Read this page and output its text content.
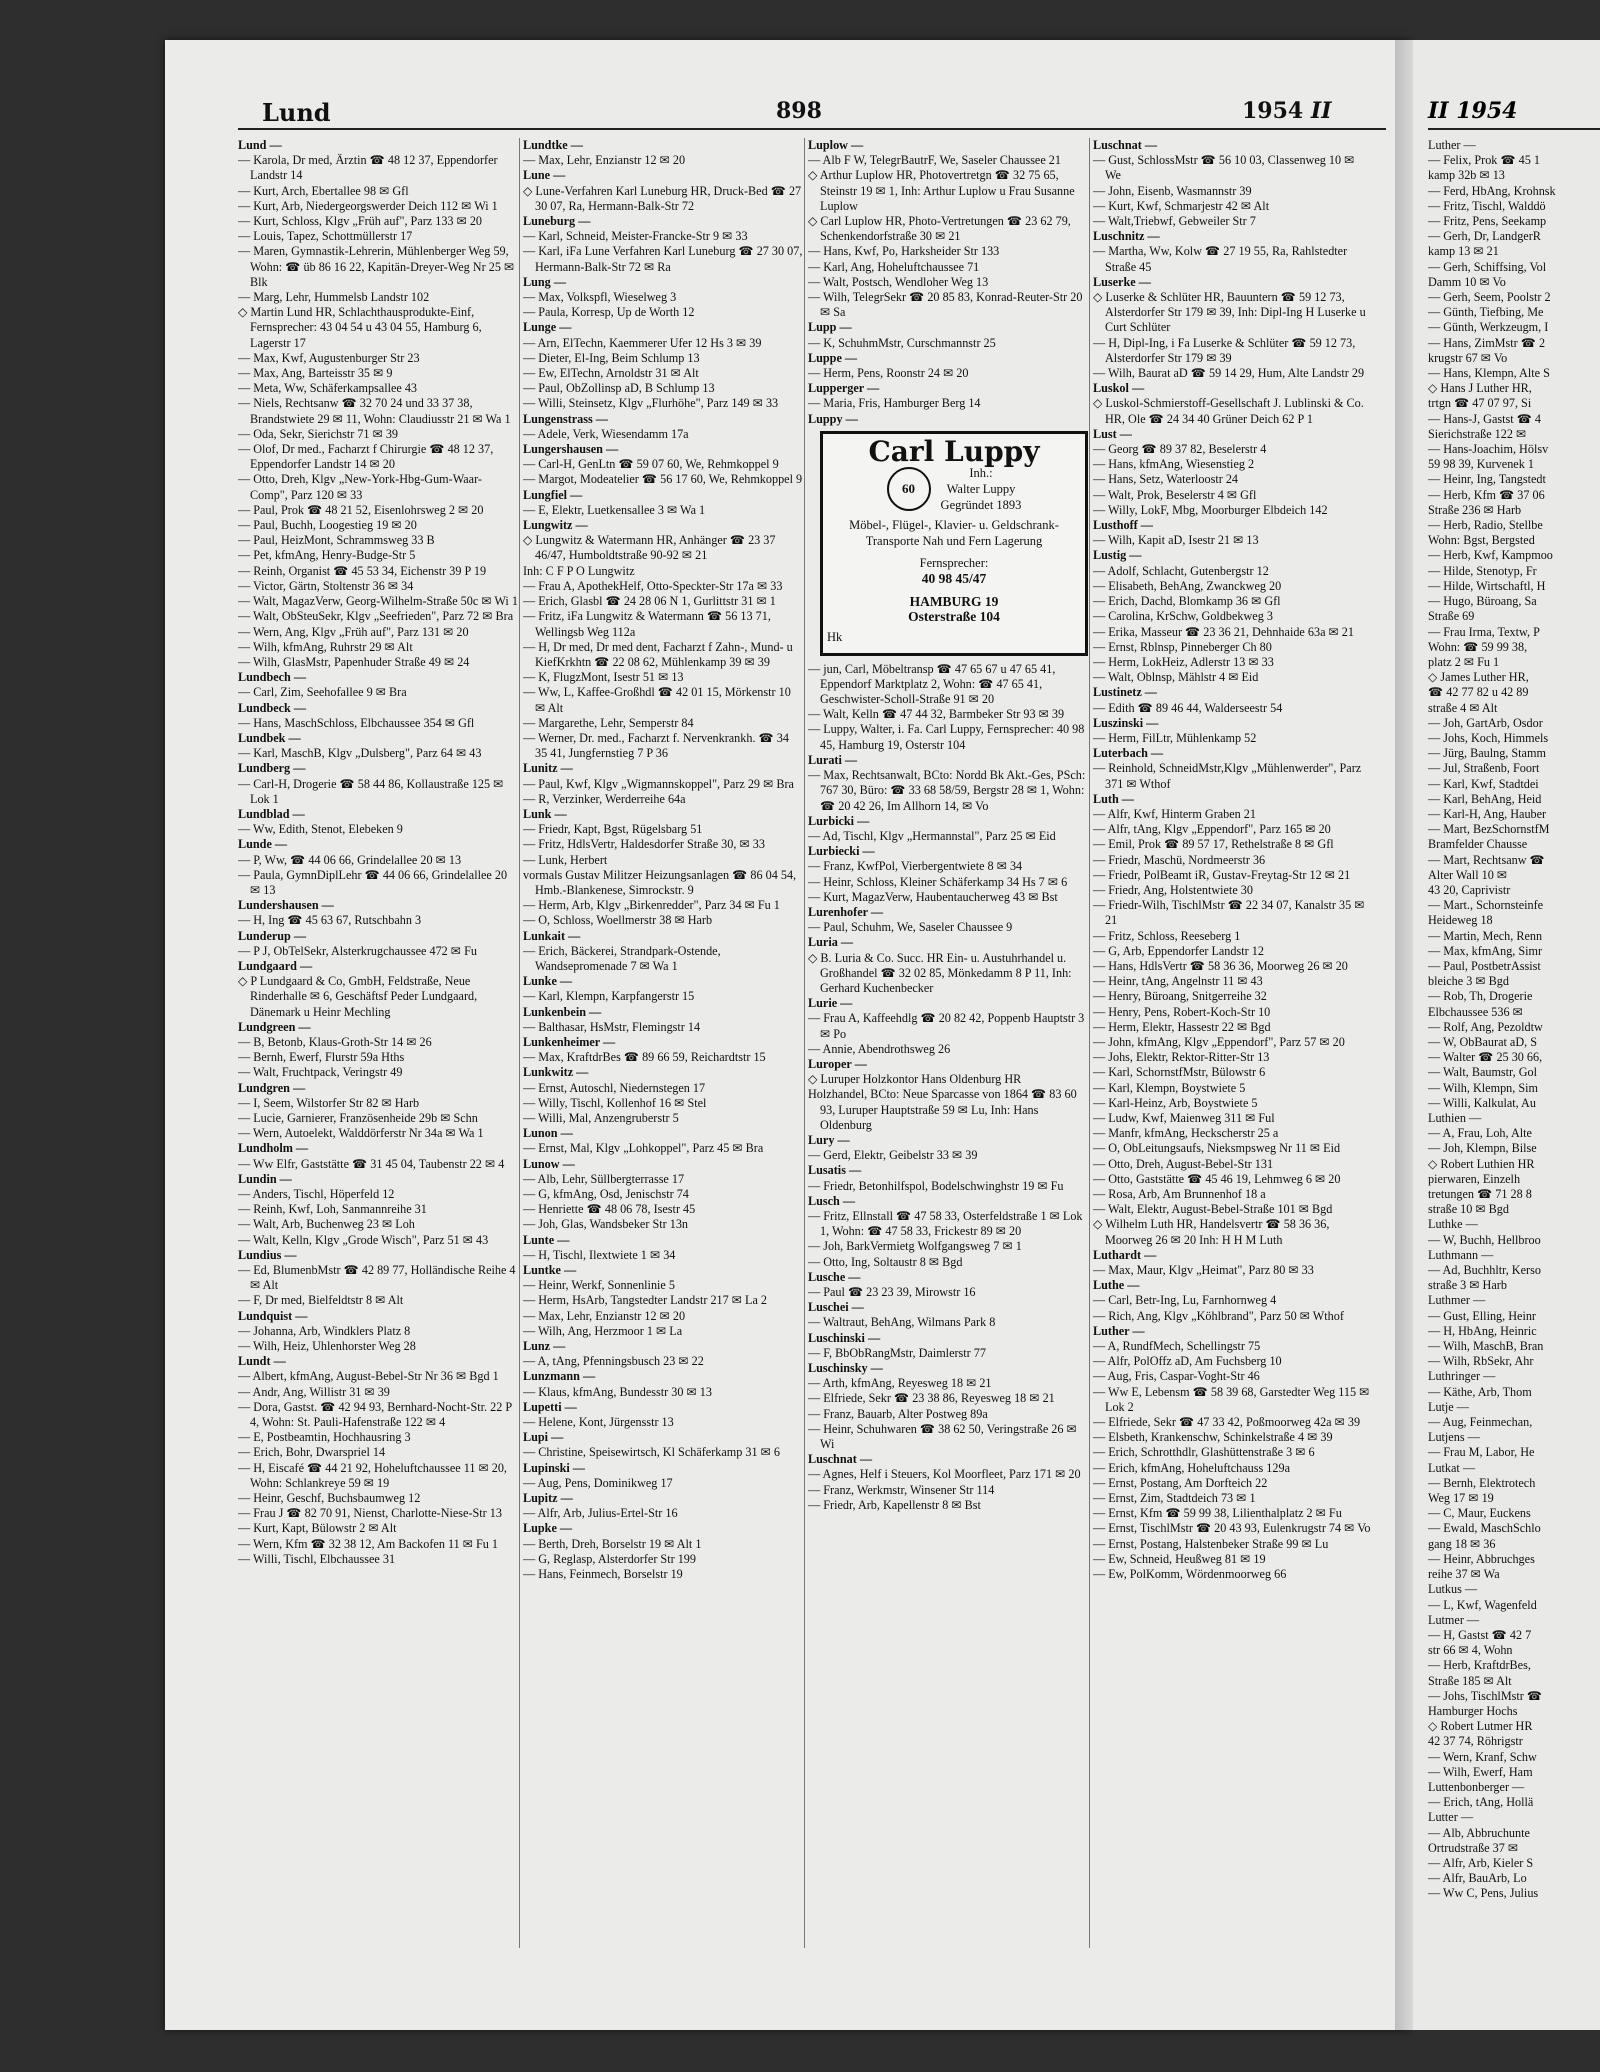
II 1954
Luther —
— Felix, Prok ☎ 45 1
kamp 32b ✉ 13
— Ferd, HbAng, Krohnsk
— Fritz, Tischl, Walddö
— Fritz, Pens, Seekamp
— Gerh, Dr, LandgerR
kamp 13 ✉ 21
— Gerh, Schiffsing, Vol
Damm 10 ✉ Vo
— Gerh, Seem, Poolstr 2
— Günth, Tiefbing, Me
— Günth, Werkzeugm, I
— Hans, ZimMstr ☎ 2
krugstr 67 ✉ Vo
— Hans, Klempn, Alte S
◇ Hans J Luther HR,
trtgn ☎ 47 07 97, Si
— Hans-J, Gastst ☎ 4
Sierichstraße 122 ✉
— Hans-Joachim, Hölsv
59 98 39, Kurvenek 1
— Heinr, Ing, Tangstedt
— Herb, Kfm ☎ 37 06
Straße 236 ✉ Harb
— Herb, Radio, Stellbe
Wohn: Bgst, Bergsted
— Herb, Kwf, Kampmoo
— Hilde, Stenotyp, Fr
— Hilde, Wirtschaftl, H
— Hugo, Büroang, Sa
Straße 69
— Frau Irma, Textw, P
Wohn: ☎ 59 99 38,
platz 2 ✉ Fu 1
◇ James Luther HR,
☎ 42 77 82 u 42 89
straße 4 ✉ Alt
— Joh, GartArb, Osdor
— Johs, Koch, Himmels
— Jürg, Baulng, Stamm
— Jul, Straßenb, Foort
— Karl, Kwf, Stadtdei
— Karl, BehAng, Heid
— Karl-H, Ang, Hauber
— Mart, BezSchornstfM
Bramfelder Chausse
— Mart, Rechtsanw ☎
Alter Wall 10 ✉
43 20, Caprivistr
— Mart., Schornsteinfe
Heideweg 18
— Martin, Mech, Renn
— Max, kfmAng, Simr
— Paul, PostbetrAssist
bleiche 3 ✉ Bgd
— Rob, Th, Drogerie
Elbchaussee 536 ✉
— Rolf, Ang, Pezoldtw
— W, ObBaurat aD, S
— Walter ☎ 25 30 66,
— Walt, Baumstr, Gol
— Wilh, Klempn, Sim
— Willi, Kalkulat, Au
Luthien —
— A, Frau, Loh, Alte
— Joh, Klempn, Bilse
◇ Robert Luthien HR
pierwaren, Einzelh
tretungen ☎ 71 28 8
straße 10 ✉ Bgd
Luthke —
— W, Buchh, Hellbroo
Luthmann —
— Ad, Buchhltr, Kerso
straße 3 ✉ Harb
Luthmer —
— Gust, Elling, Heinr
— H, HbAng, Heinric
— Wilh, MaschB, Bran
— Wilh, RbSekr, Ahr
Luthringer —
— Käthe, Arb, Thom
Lutje —
— Aug, Feinmechan,
Lutjens —
— Frau M, Labor, He
Lutkat —
— Bernh, Elektrotech
Weg 17 ✉ 19
— C, Maur, Euckens
— Ewald, MaschSchlo
gang 18 ✉ 36
— Heinr, Abbruchges
reihe 37 ✉ Wa
Lutkus —
— L, Kwf, Wagenfeld
Lutmer —
— H, Gastst ☎ 42 7
str 66 ✉ 4, Wohn
— Herb, KraftdrBes,
Straße 185 ✉ Alt
— Johs, TischlMstr ☎
Hamburger Hochs
◇ Robert Lutmer HR
42 37 74, Röhrigstr
— Wern, Kranf, Schw
— Wilh, Ewerf, Ham
Luttenbonberger —
— Erich, tAng, Hollä
Lutter —
— Alb, Abbruchunte
Ortrudstraße 37 ✉
— Alfr, Arb, Kieler S
— Alfr, BauArb, Lo
— Ww C, Pens, Julius
Lund	898	1954 II

Lund —

— Karola, Dr med, Ärztin ☎ 48 12 37, Eppendorfer Landstr 14

— Kurt, Arch, Ebertallee 98 ✉ Gfl

— Kurt, Arb, Niedergeorgswerder Deich 112 ✉ Wi 1

— Kurt, Schloss, Klgv „Früh auf", Parz 133 ✉ 20

— Louis, Tapez, Schottmüllerstr 17

— Maren, Gymnastik-Lehrerin, Mühlenberger Weg 59, Wohn: ☎ üb 86 16 22, Kapitän-Dreyer-Weg Nr 25 ✉ Blk

— Marg, Lehr, Hummelsb Landstr 102

◇ Martin Lund HR, Schlachthausprodukte-Einf, Fernsprecher: 43 04 54 u 43 04 55, Hamburg 6, Lagerstr 17

— Max, Kwf, Augustenburger Str 23

— Max, Ang, Barteisstr 35 ✉ 9

— Meta, Ww, Schäferkampsallee 43

— Niels, Rechtsanw ☎ 32 70 24 und 33 37 38, Brandstwiete 29 ✉ 11, Wohn: Claudiusstr 21 ✉ Wa 1

— Oda, Sekr, Sierichstr 71 ✉ 39

— Olof, Dr med., Facharzt f Chirurgie ☎ 48 12 37, Eppendorfer Landstr 14 ✉ 20

— Otto, Dreh, Klgv „New-York-Hbg-Gum-Waar-Comp", Parz 120 ✉ 33

— Paul, Prok ☎ 48 21 52, Eisenlohrsweg 2 ✉ 20

— Paul, Buchh, Loogestieg 19 ✉ 20

— Paul, HeizMont, Schrammsweg 33 B

— Pet, kfmAng, Henry-Budge-Str 5

— Reinh, Organist ☎ 45 53 34, Eichenstr 39 P 19

— Victor, Gärtn, Stoltenstr 36 ✉ 34

— Walt, MagazVerw, Georg-Wilhelm-Straße 50c ✉ Wi 1

— Walt, ObSteuSekr, Klgv „Seefrieden", Parz 72 ✉ Bra

— Wern, Ang, Klgv „Früh auf", Parz 131 ✉ 20

— Wilh, kfmAng, Ruhrstr 29 ✉ Alt

— Wilh, GlasMstr, Papenhuder Straße 49 ✉ 24

Lundbech —

— Carl, Zim, Seehofallee 9 ✉ Bra

Lundbeck —

— Hans, MaschSchloss, Elbchaussee 354 ✉ Gfl

Lundbek —

— Karl, MaschB, Klgv „Dulsberg", Parz 64 ✉ 43

Lundberg —

— Carl-H, Drogerie ☎ 58 44 86, Kollaustraße 125 ✉ Lok 1

Lundblad —

— Ww, Edith, Stenot, Elebeken 9

Lunde —

— P, Ww, ☎ 44 06 66, Grindelallee 20 ✉ 13

— Paula, GymnDiplLehr ☎ 44 06 66, Grindelallee 20 ✉ 13

Lundershausen —

— H, Ing ☎ 45 63 67, Rutschbahn 3

Lunderup —

— P J, ObTelSekr, Alsterkrugchaussee 472 ✉ Fu

Lundgaard —

◇ P Lundgaard & Co, GmbH, Feldstraße, Neue Rinderhalle ✉ 6, Geschäftsf Peder Lundgaard, Dänemark u Heinr Mechling

Lundgreen —

— B, Betonb, Klaus-Groth-Str 14 ✉ 26

— Bernh, Ewerf, Flurstr 59a Hths

— Walt, Fruchtpack, Veringstr 49

Lundgren —

— I, Seem, Wilstorfer Str 82 ✉ Harb

— Lucie, Garnierer, Französenheide 29b ✉ Schn

— Wern, Autoelekt, Walddörferstr Nr 34a ✉ Wa 1

Lundholm —

— Ww Elfr, Gaststätte ☎ 31 45 04, Taubenstr 22 ✉ 4

Lundin —

— Anders, Tischl, Höperfeld 12

— Reinh, Kwf, Loh, Sanmannreihe 31

— Walt, Arb, Buchenweg 23 ✉ Loh

— Walt, Kelln, Klgv „Grode Wisch", Parz 51 ✉ 43

Lundius —

— Ed, BlumenbMstr ☎ 42 89 77, Holländische Reihe 4 ✉ Alt

— F, Dr med, Bielfeldtstr 8 ✉ Alt

Lundquist —

— Johanna, Arb, Windklers Platz 8

— Wilh, Heiz, Uhlenhorster Weg 28

Lundt —

— Albert, kfmAng, August-Bebel-Str Nr 36 ✉ Bgd 1

— Andr, Ang, Willistr 31 ✉ 39

— Dora, Gastst. ☎ 42 94 93, Bernhard-Nocht-Str. 22 P 4, Wohn: St. Pauli-Hafenstraße 122 ✉ 4

— E, Postbeamtin, Hochhausring 3

— Erich, Bohr, Dwarspriel 14

— H, Eiscafé ☎ 44 21 92, Hoheluftchaussee 11 ✉ 20, Wohn: Schlankreye 59 ✉ 19

— Heinr, Geschf, Buchsbaumweg 12

— Frau J ☎ 82 70 91, Nienst, Charlotte-Niese-Str 13

— Kurt, Kapt, Bülowstr 2 ✉ Alt

— Wern, Kfm ☎ 32 38 12, Am Backofen 11 ✉ Fu 1

— Willi, Tischl, Elbchaussee 31

Lundtke —

— Max, Lehr, Enzianstr 12 ✉ 20

Lune —

◇ Lune-Verfahren Karl Luneburg HR, Druck-Bed ☎ 27 30 07, Ra, Hermann-Balk-Str 72

Luneburg —

— Karl, Schneid, Meister-Francke-Str 9 ✉ 33

— Karl, iFa Lune Verfahren Karl Luneburg ☎ 27 30 07, Hermann-Balk-Str 72 ✉ Ra

Lung —

— Max, Volkspfl, Wieselweg 3

— Paula, Korresp, Up de Worth 12

Lunge —

— Arn, ElTechn, Kaemmerer Ufer 12 Hs 3 ✉ 39

— Dieter, El-Ing, Beim Schlump 13

— Ew, ElTechn, Arnoldstr 31 ✉ Alt

— Paul, ObZollinsp aD, B Schlump 13

— Willi, Steinsetz, Klgv „Flurhöhe", Parz 149 ✉ 33

Lungenstrass —

— Adele, Verk, Wiesendamm 17a

Lungershausen —

— Carl-H, GenLtn ☎ 59 07 60, We, Rehmkoppel 9

— Margot, Modeatelier ☎ 56 17 60, We, Rehmkoppel 9

Lungfiel —

— E, Elektr, Luetkensallee 3 ✉ Wa 1

Lungwitz —

◇ Lungwitz & Watermann HR, Anhänger ☎ 23 37 46/47, Humboldtstraße 90-92 ✉ 21

Inh: C F P O Lungwitz

— Frau A, ApothekHelf, Otto-Speckter-Str 17a ✉ 33

— Erich, Glasbl ☎ 24 28 06 N 1, Gurlittstr 31 ✉ 1

— Fritz, iFa Lungwitz & Watermann ☎ 56 13 71, Wellingsb Weg 112a

— H, Dr med, Dr med dent, Facharzt f Zahn-, Mund- u KiefKrkhtn ☎ 22 08 62, Mühlenkamp 39 ✉ 39

— K, FlugzMont, Isestr 51 ✉ 13

— Ww, L, Kaffee-Großhdl ☎ 42 01 15, Mörkenstr 10 ✉ Alt

— Margarethe, Lehr, Semperstr 84

— Werner, Dr. med., Facharzt f. Nervenkrankh. ☎ 34 35 41, Jungfernstieg 7 P 36

Lunitz —

— Paul, Kwf, Klgv „Wigmannskoppel", Parz 29 ✉ Bra

— R, Verzinker, Werderreihe 64a

Lunk —

— Friedr, Kapt, Bgst, Rügelsbarg 51

— Fritz, HdlsVertr, Haldesdorfer Straße 30, ✉ 33

— Lunk, Herbert

vormals Gustav Militzer Heizungsanlagen ☎ 86 04 54, Hmb.-Blankenese, Simrockstr. 9

— Herm, Arb, Klgv „Birkenredder", Parz 34 ✉ Fu 1

— O, Schloss, Woellmerstr 38 ✉ Harb

Lunkait —

— Erich, Bäckerei, Strandpark-Ostende, Wandsepromenade 7 ✉ Wa 1

Lunke —

— Karl, Klempn, Karpfangerstr 15

Lunkenbein —

— Balthasar, HsMstr, Flemingstr 14

Lunkenheimer —

— Max, KraftdrBes ☎ 89 66 59, Reichardtstr 15

Lunkwitz —

— Ernst, Autoschl, Niedernstegen 17

— Willy, Tischl, Kollenhof 16 ✉ Stel

— Willi, Mal, Anzengruberstr 5

Lunon —

— Ernst, Mal, Klgv „Lohkoppel", Parz 45 ✉ Bra

Lunow —

— Alb, Lehr, Süllbergterrasse 17

— G, kfmAng, Osd, Jenischstr 74

— Henriette ☎ 48 06 78, Isestr 45

— Joh, Glas, Wandsbeker Str 13n

Lunte —

— H, Tischl, Ilextwiete 1 ✉ 34

Luntke —

— Heinr, Werkf, Sonnenlinie 5

— Herm, HsArb, Tangstedter Landstr 217 ✉ La 2

— Max, Lehr, Enzianstr 12 ✉ 20

— Wilh, Ang, Herzmoor 1 ✉ La

Lunz —

— A, tAng, Pfenningsbusch 23 ✉ 22

Lunzmann —

— Klaus, kfmAng, Bundesstr 30 ✉ 13

Lupetti —

— Helene, Kont, Jürgensstr 13

Lupi —

— Christine, Speisewirtsch, Kl Schäferkamp 31 ✉ 6

Lupinski —

— Aug, Pens, Dominikweg 17

Lupitz —

— Alfr, Arb, Julius-Ertel-Str 16

Lupke —

— Berth, Dreh, Borselstr 19 ✉ Alt 1

— G, Reglasp, Alsterdorfer Str 199

— Hans, Feinmech, Borselstr 19

Luplow —

— Alb F W, TelegrBautrF, We, Saseler Chaussee 21

◇ Arthur Luplow HR, Photovertretgn ☎ 32 75 65, Steinstr 19 ✉ 1, Inh: Arthur Luplow u Frau Susanne Luplow

◇ Carl Luplow HR, Photo-Vertretungen ☎ 23 62 79, Schenkendorfstraße 30 ✉ 21

— Hans, Kwf, Po, Harksheider Str 133

— Karl, Ang, Hoheluftchaussee 71

— Walt, Postsch, Wendloher Weg 13

— Wilh, TelegrSekr ☎ 20 85 83, Konrad-Reuter-Str 20 ✉ Sa

Lupp —

— K, SchuhmMstr, Curschmannstr 25

Luppe —

— Herm, Pens, Roonstr 24 ✉ 20

Lupperger —

— Maria, Fris, Hamburger Berg 14

Luppy —

Carl Luppy
60
Inh.:
Walter Luppy
Gegründet 1893
Möbel-, Flügel-, Klavier- u. Geldschrank-Transporte Nah und Fern Lagerung
Fernsprecher:
40 98 45/47
HAMBURG 19
Osterstraße 104
Hk

— jun, Carl, Möbeltransp ☎ 47 65 67 u 47 65 41, Eppendorf Marktplatz 2, Wohn: ☎ 47 65 41, Geschwister-Scholl-Straße 91 ✉ 20

— Walt, Kelln ☎ 47 44 32, Barmbeker Str 93 ✉ 39

— Luppy, Walter, i. Fa. Carl Luppy, Fernsprecher: 40 98 45, Hamburg 19, Osterstr 104

Lurati —

— Max, Rechtsanwalt, BCto: Nordd Bk Akt.-Ges, PSch: 767 30, Büro: ☎ 33 68 58/59, Bergstr 28 ✉ 1, Wohn: ☎ 20 42 26, Im Allhorn 14, ✉ Vo

Lurbicki —

— Ad, Tischl, Klgv „Hermannstal", Parz 25 ✉ Eid

Lurbiecki —

— Franz, KwfPol, Vierbergentwiete 8 ✉ 34

— Heinr, Schloss, Kleiner Schäferkamp 34 Hs 7 ✉ 6

— Kurt, MagazVerw, Haubentaucherweg 43 ✉ Bst

Lurenhofer —

— Paul, Schuhm, We, Saseler Chaussee 9

Luria —

◇ B. Luria & Co. Succ. HR Ein- u. Austuhrhandel u. Großhandel ☎ 32 02 85, Mönkedamm 8 P 11, Inh: Gerhard Kuchenbecker

Lurie —

— Frau A, Kaffeehdlg ☎ 20 82 42, Poppenb Hauptstr 3 ✉ Po

— Annie, Abendrothsweg 26

Luroper —

◇ Luruper Holzkontor Hans Oldenburg HR

Holzhandel, BCto: Neue Sparcasse von 1864 ☎ 83 60 93, Luruper Hauptstraße 59 ✉ Lu, Inh: Hans Oldenburg

Lury —

— Gerd, Elektr, Geibelstr 33 ✉ 39

Lusatis —

— Friedr, Betonhilfspol, Bodelschwinghstr 19 ✉ Fu

Lusch —

— Fritz, Ellnstall ☎ 47 58 33, Osterfeldstraße 1 ✉ Lok 1, Wohn: ☎ 47 58 33, Frickestr 89 ✉ 20

— Joh, BarkVermietg Wolfgangsweg 7 ✉ 1

— Otto, Ing, Soltaustr 8 ✉ Bgd

Lusche —

— Paul ☎ 23 23 39, Mirowstr 16

Luschei —

— Waltraut, BehAng, Wilmans Park 8

Luschinski —

— F, BbObRangMstr, Daimlerstr 77

Luschinsky —

— Arth, kfmAng, Reyesweg 18 ✉ 21

— Elfriede, Sekr ☎ 23 38 86, Reyesweg 18 ✉ 21

— Franz, Bauarb, Alter Postweg 89a

— Heinr, Schuhwaren ☎ 38 62 50, Veringstraße 26 ✉ Wi

Luschnat —

— Agnes, Helf i Steuers, Kol Moorfleet, Parz 171 ✉ 20

— Franz, Werkmstr, Winsener Str 114

— Friedr, Arb, Kapellenstr 8 ✉ Bst

Luschnat —

— Gust, SchlossMstr ☎ 56 10 03, Classenweg 10 ✉ We

— John, Eisenb, Wasmannstr 39

— Kurt, Kwf, Schmarjestr 42 ✉ Alt

— Walt,Triebwf, Gebweiler Str 7

Luschnitz —

— Martha, Ww, Kolw ☎ 27 19 55, Ra, Rahlstedter Straße 45

Luserke —

◇ Luserke & Schlüter HR, Bauuntern ☎ 59 12 73, Alsterdorfer Str 179 ✉ 39, Inh: Dipl-Ing H Luserke u Curt Schlüter

— H, Dipl-Ing, i Fa Luserke & Schlüter ☎ 59 12 73, Alsterdorfer Str 179 ✉ 39

— Wilh, Baurat aD ☎ 59 14 29, Hum, Alte Landstr 29

Luskol —

◇ Luskol-Schmierstoff-Gesellschaft J. Lublinski & Co. HR, Ole ☎ 24 34 40 Grüner Deich 62 P 1

Lust —

— Georg ☎ 89 37 82, Beselerstr 4

— Hans, kfmAng, Wiesenstieg 2

— Hans, Setz, Waterloostr 24

— Walt, Prok, Beselerstr 4 ✉ Gfl

— Willy, LokF, Mbg, Moorburger Elbdeich 142

Lusthoff —

— Wilh, Kapit aD, Isestr 21 ✉ 13

Lustig —

— Adolf, Schlacht, Gutenbergstr 12

— Elisabeth, BehAng, Zwanckweg 20

— Erich, Dachd, Blomkamp 36 ✉ Gfl

— Carolina, KrSchw, Goldbekweg 3

— Erika, Masseur ☎ 23 36 21, Dehnhaide 63a ✉ 21

— Ernst, Rblnsp, Pinneberger Ch 80

— Herm, LokHeiz, Adlerstr 13 ✉ 33

— Walt, Oblnsp, Mählstr 4 ✉ Eid

Lustinetz —

— Edith ☎ 89 46 44, Walderseestr 54

Luszinski —

— Herm, FilLtr, Mühlenkamp 52

Luterbach —

— Reinhold, SchneidMstr,Klgv „Mühlenwerder", Parz 371 ✉ Wthof

Luth —

— Alfr, Kwf, Hinterm Graben 21

— Alfr, tAng, Klgv „Eppendorf", Parz 165 ✉ 20

— Emil, Prok ☎ 89 57 17, Rethelstraße 8 ✉ Gfl

— Friedr, Maschü, Nordmeerstr 36

— Friedr, PolBeamt iR, Gustav-Freytag-Str 12 ✉ 21

— Friedr, Ang, Holstentwiete 30

— Friedr-Wilh, TischlMstr ☎ 22 34 07, Kanalstr 35 ✉ 21

— Fritz, Schloss, Reeseberg 1

— G, Arb, Eppendorfer Landstr 12

— Hans, HdlsVertr ☎ 58 36 36, Moorweg 26 ✉ 20

— Heinr, tAng, Angelnstr 11 ✉ 43

— Henry, Büroang, Snitgerreihe 32

— Henry, Pens, Robert-Koch-Str 10

— Herm, Elektr, Hassestr 22 ✉ Bgd

— John, kfmAng, Klgv „Eppendorf", Parz 57 ✉ 20

— Johs, Elektr, Rektor-Ritter-Str 13

— Karl, SchornstfMstr, Bülowstr 6

— Karl, Klempn, Boystwiete 5

— Karl-Heinz, Arb, Boystwiete 5

— Ludw, Kwf, Maienweg 311 ✉ Ful

— Manfr, kfmAng, Heckscherstr 25 a

— O, ObLeitungsaufs, Nieksmpsweg Nr 11 ✉ Eid

— Otto, Dreh, August-Bebel-Str 131

— Otto, Gaststätte ☎ 45 46 19, Lehmweg 6 ✉ 20

— Rosa, Arb, Am Brunnenhof 18 a

— Walt, Elektr, August-Bebel-Straße 101 ✉ Bgd

◇ Wilhelm Luth HR, Handelsvertr ☎ 58 36 36, Moorweg 26 ✉ 20 Inh: H H M Luth

Luthardt —

— Max, Maur, Klgv „Heimat", Parz 80 ✉ 33

Luthe —

— Carl, Betr-Ing, Lu, Farnhornweg 4

— Rich, Ang, Klgv „Köhlbrand", Parz 50 ✉ Wthof

Luther —

— A, RundfMech, Schellingstr 75

— Alfr, PolOffz aD, Am Fuchsberg 10

— Aug, Fris, Caspar-Voght-Str 46

— Ww E, Lebensm ☎ 58 39 68, Garstedter Weg 115 ✉ Lok 2

— Elfriede, Sekr ☎ 47 33 42, Poßmoorweg 42a ✉ 39

— Elsbeth, Krankenschw, Schinkelstraße 4 ✉ 39

— Erich, Schrotthdlr, Glashüttenstraße 3 ✉ 6

— Erich, kfmAng, Hoheluftchauss 129a

— Ernst, Postang, Am Dorfteich 22

— Ernst, Zim, Stadtdeich 73 ✉ 1

— Ernst, Kfm ☎ 59 99 38, Lilienthalplatz 2 ✉ Fu

— Ernst, TischlMstr ☎ 20 43 93, Eulenkrugstr 74 ✉ Vo

— Ernst, Postang, Halstenbeker Straße 99 ✉ Lu

— Ew, Schneid, Heußweg 81 ✉ 19

— Ew, PolKomm, Wördenmoorweg 66
